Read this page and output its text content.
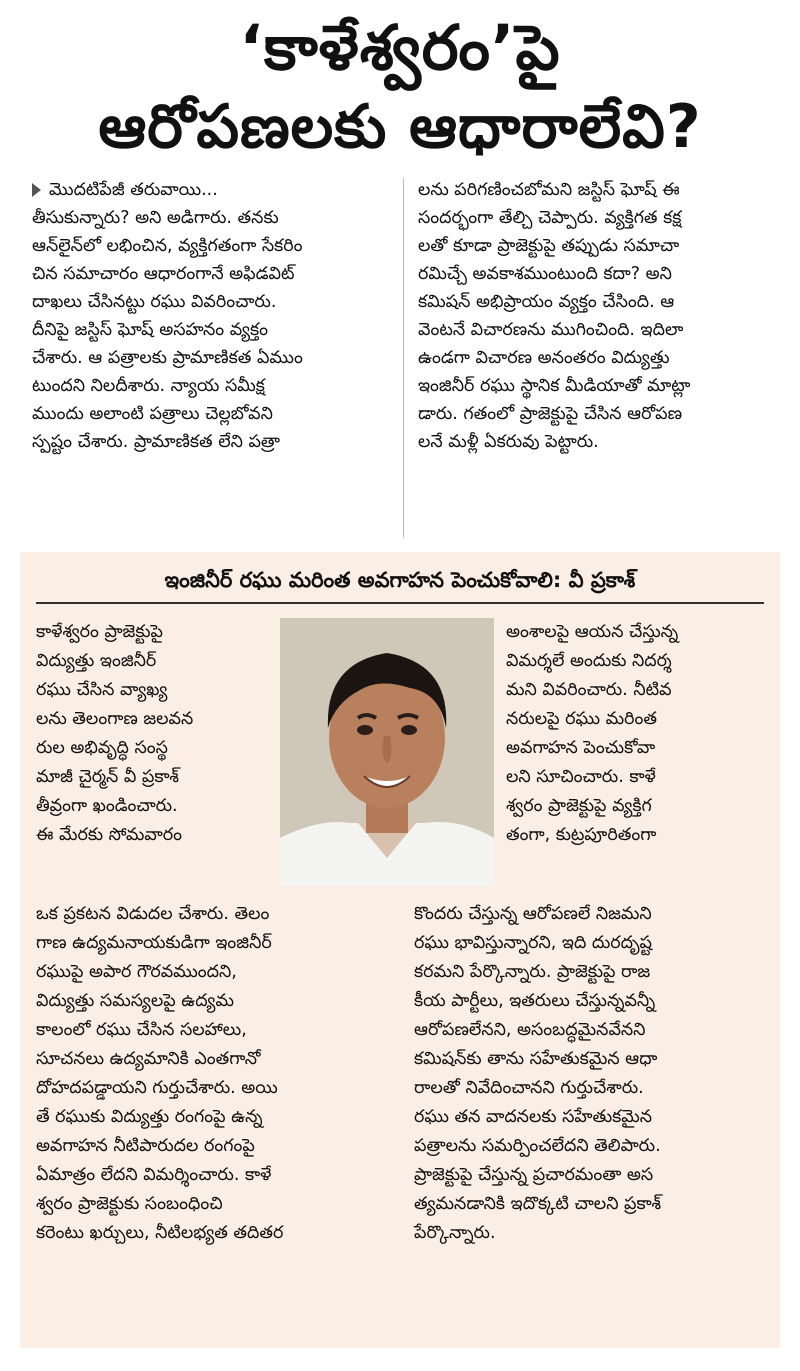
‘కాళేశ్వరం’పై
ఆరోపణలకు ఆధారాలేవి?
మొదటిపేజీ తరువాయి...

తీసుకున్నారు? అని అడిగారు. తనకు

ఆన్‌లైన్‌లో లభించిన, వ్యక్తిగతంగా సేకరిం

చిన సమాచారం ఆధారంగానే అఫిడవిట్

దాఖలు చేసినట్టు రఘు వివరించారు.

దీనిపై జస్టిస్ ఘోష్ అసహనం వ్యక్తం

చేశారు. ఆ పత్రాలకు ప్రామాణికత ఏముం

టుందని నిలదీశారు. న్యాయ సమీక్ష

ముందు అలాంటి పత్రాలు చెల్లబోవని

స్పష్టం చేశారు. ప్రామాణికత లేని పత్రా

లను పరిగణించబోమని జస్టిస్ ఘోష్ ఈ

సందర్భంగా తేల్చి చెప్పారు. వ్యక్తిగత కక్ష

లతో కూడా ప్రాజెక్టుపై తప్పుడు సమాచా

రమిచ్చే అవకాశముంటుంది కదా? అని

కమిషన్ అభిప్రాయం వ్యక్తం చేసింది. ఆ

వెంటనే విచారణను ముగించింది. ఇదిలా

ఉండగా విచారణ అనంతరం విద్యుత్తు

ఇంజినీర్ రఘు స్థానిక మీడియాతో మాట్లా

డారు. గతంలో ప్రాజెక్టుపై చేసిన ఆరోపణ

లనే మళ్లీ ఏకరువు పెట్టారు.

ఇంజినీర్ రఘు మరింత అవగాహన పెంచుకోవాలి: వీ ప్రకాశ్

కాళేశ్వరం ప్రాజెక్టుపై

విద్యుత్తు ఇంజినీర్

రఘు చేసిన వ్యాఖ్య

లను తెలంగాణ జలవన

రుల అభివృద్ధి సంస్థ

మాజీ చైర్మన్ వీ ప్రకాశ్

తీవ్రంగా ఖండించారు.

ఈ మేరకు సోమవారం

ఒక ప్రకటన విడుదల చేశారు. తెలం

గాణ ఉద్యమనాయకుడిగా ఇంజినీర్

రఘుపై అపార గౌరవముందని,

విద్యుత్తు సమస్యలపై ఉద్యమ

కాలంలో రఘు చేసిన సలహాలు,

సూచనలు ఉద్యమానికి ఎంతగానో

దోహదపడ్డాయని గుర్తుచేశారు. అయి

తే రఘుకు విద్యుత్తు రంగంపై ఉన్న

అవగాహన నీటిపారుదల రంగంపై

ఏమాత్రం లేదని విమర్శించారు. కాళే

శ్వరం ప్రాజెక్టుకు సంబంధించి

కరెంటు ఖర్చులు, నీటిలభ్యత తదితర

అంశాలపై ఆయన చేస్తున్న

విమర్శలే అందుకు నిదర్శ

మని వివరించారు. నీటివ

నరులపై రఘు మరింత

అవగాహన పెంచుకోవా

లని సూచించారు. కాళే

శ్వరం ప్రాజెక్టుపై వ్యక్తిగ

తంగా, కుట్రపూరితంగా

కొందరు చేస్తున్న ఆరోపణలే నిజమని

రఘు భావిస్తున్నారని, ఇది దురదృష్ట

కరమని పేర్కొన్నారు. ప్రాజెక్టుపై రాజ

కీయ పార్టీలు, ఇతరులు చేస్తున్నవన్నీ

ఆరోపణలేనని, అసంబద్ధమైనవేనని

కమిషన్‌కు తాను సహేతుకమైన ఆధా

రాలతో నివేదించానని గుర్తుచేశారు.

రఘు తన వాదనలకు సహేతుకమైన

పత్రాలను సమర్పించలేదని తెలిపారు.

ప్రాజెక్టుపై చేస్తున్న ప్రచారమంతా అస

త్యమనడానికి ఇదొక్కటి చాలని ప్రకాశ్

పేర్కొన్నారు.
